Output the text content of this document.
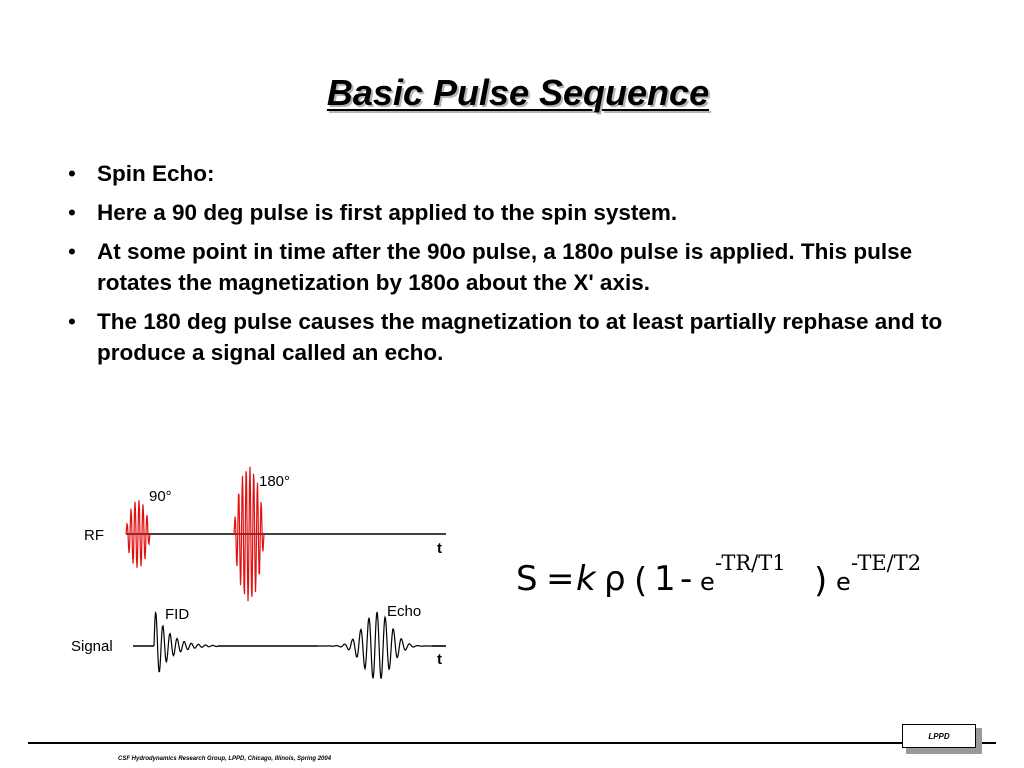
Basic Pulse Sequence
• Spin Echo:
• Here a 90 deg pulse is first applied to the spin system.
• At some point in time after the 90o pulse, a 180o pulse is applied. This pulse rotates the magnetization by 180o about the X' axis.
• The 180 deg pulse causes the magnetization to at least partially rephase and to produce a signal called an echo.
RF
Signal
90°
180°
FID	Echo
t
t
S = k ρ ( 1 - e
-TR/T1 ) e
-TE/T2
CSF Hydrodynamics Research Group, LPPD, Chicago, Illinois, Spring 2004
LPPD
